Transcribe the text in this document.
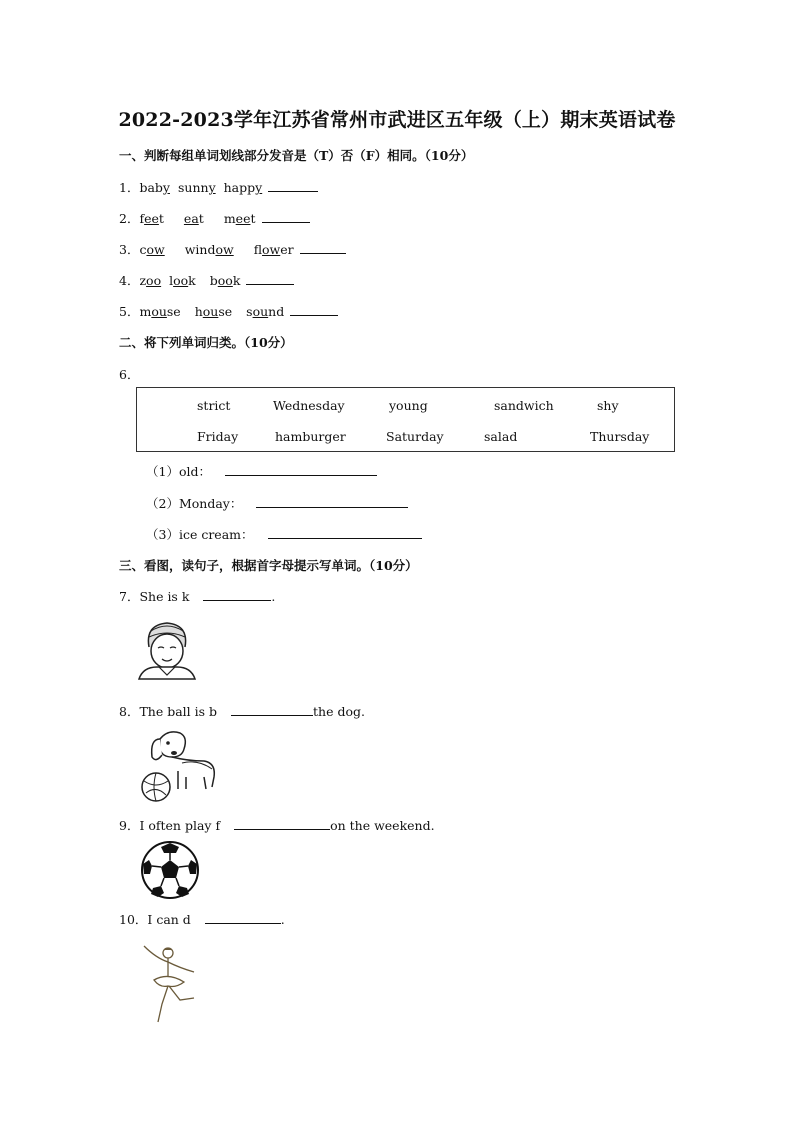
2022-2023学年江苏省常州市武进区五年级（上）期末英语试卷
一、判断每组单词划线部分发音是（T）否（F）相同。（10分）
1．baby sunny happy
2．feet eat meet
3．cow window flower
4．zoo look book
5．mouse house sound
二、将下列单词归类。（10分）
6．
strict	Wednesday	young	sandwich	shy
Friday	hamburger	Saturday	salad	Thursday
（1）old：
（2）Monday：
（3）ice cream：
三、看图，读句子，根据首字母提示写单词。（10分）
7．She is k	.
8．The ball is b	the dog.
9．I often play f	on the weekend.
10．I can d	.
